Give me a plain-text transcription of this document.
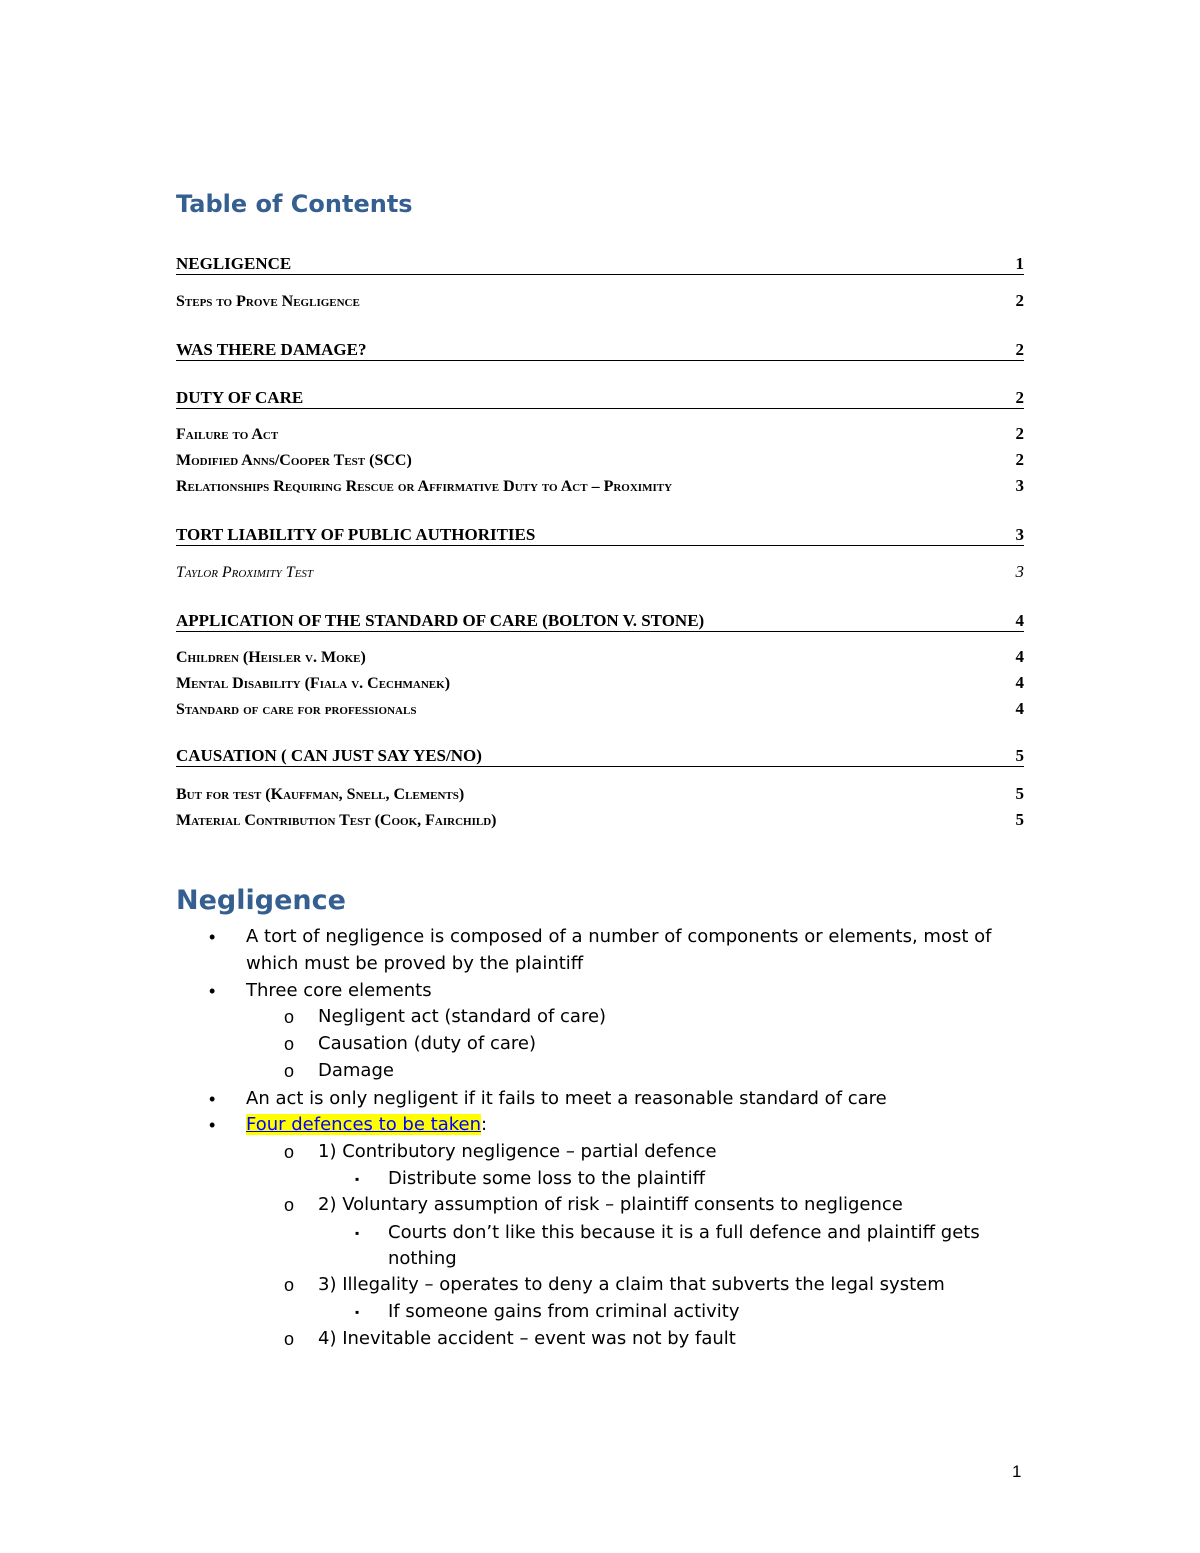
Table of Contents
NEGLIGENCE	1
Steps to Prove Negligence	2
WAS THERE DAMAGE?	2
DUTY OF CARE	2
Failure to Act	2
Modified Anns/Cooper Test (SCC)	2
Relationships Requiring Rescue or Affirmative Duty to Act – Proximity	3
TORT LIABILITY OF PUBLIC AUTHORITIES	3
Taylor Proximity Test	3
APPLICATION OF THE STANDARD OF CARE (BOLTON V. STONE)	4
Children (Heisler v. Moke)	4
Mental Disability (Fiala v. Cechmanek)	4
Standard of care for professionals	4
CAUSATION ( CAN JUST SAY YES/NO)	5
But for test (Kauffman, Snell, Clements)	5
Material Contribution Test (Cook, Fairchild)	5
Negligence
• A tort of negligence is composed of a number of components or elements, most of
which must be proved by the plaintiff
• Three core elements
o Negligent act (standard of care)
o Causation (duty of care)
o Damage
• An act is only negligent if it fails to meet a reasonable standard of care
• Four defences to be taken:
o 1) Contributory negligence – partial defence
▪ Distribute some loss to the plaintiff
o 2) Voluntary assumption of risk – plaintiff consents to negligence
▪ Courts don’t like this because it is a full defence and plaintiff gets
nothing
o 3) Illegality – operates to deny a claim that subverts the legal system
▪ If someone gains from criminal activity
o 4) Inevitable accident – event was not by fault
1
